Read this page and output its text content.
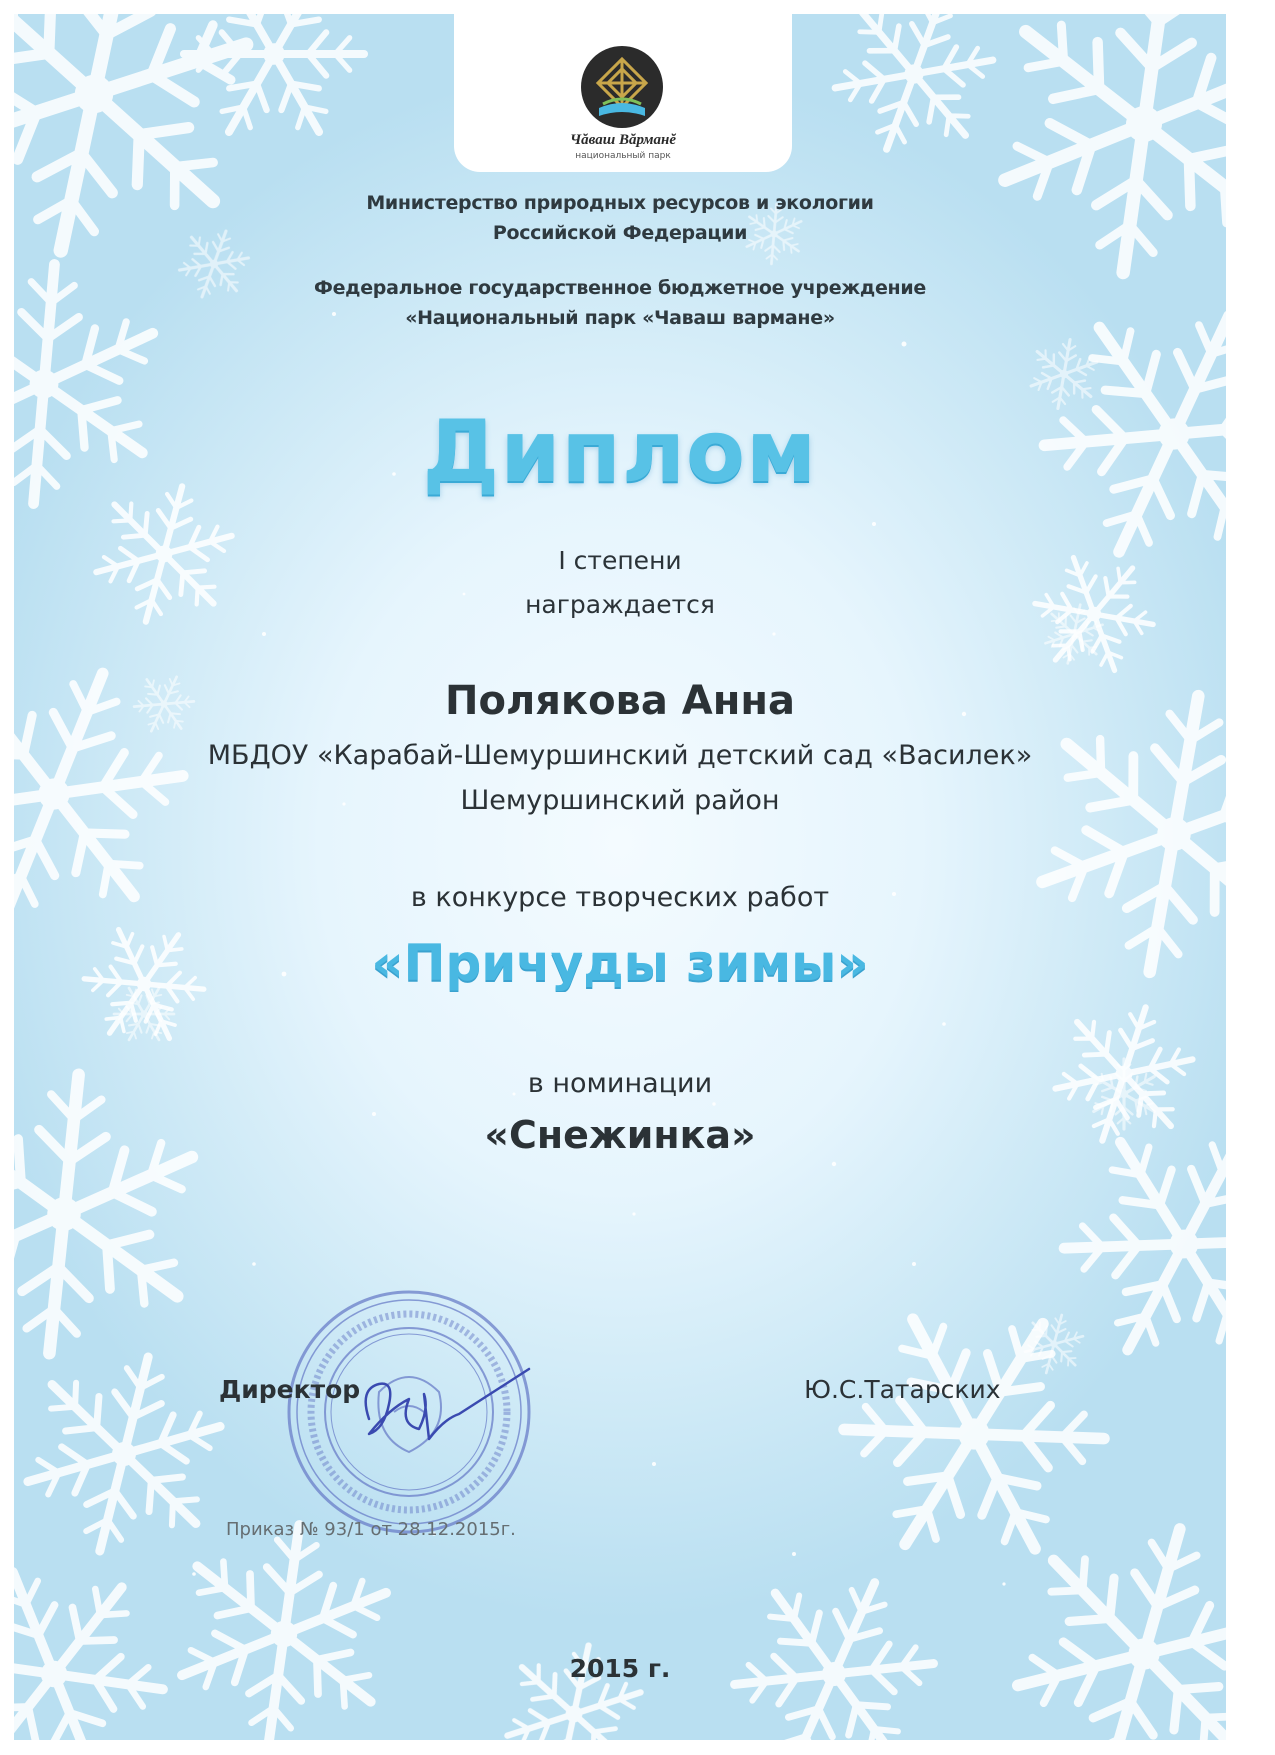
Чăваш Вăрманĕ
национальный парк
Министерство природных ресурсов и экологии
Российской Федерации
Федеральное государственное бюджетное учреждение
«Национальный парк «Чаваш вармане»
Диплом
I степени
награждается
Полякова Анна
МБДОУ «Карабай-Шемуршинский детский сад «Василек»
Шемуршинский район
в конкурсе творческих работ
«Причуды зимы»
в номинации
«Снежинка»
Директор	Ю.С.Татарских
Приказ № 93/1 от 28.12.2015г.
2015 г.
